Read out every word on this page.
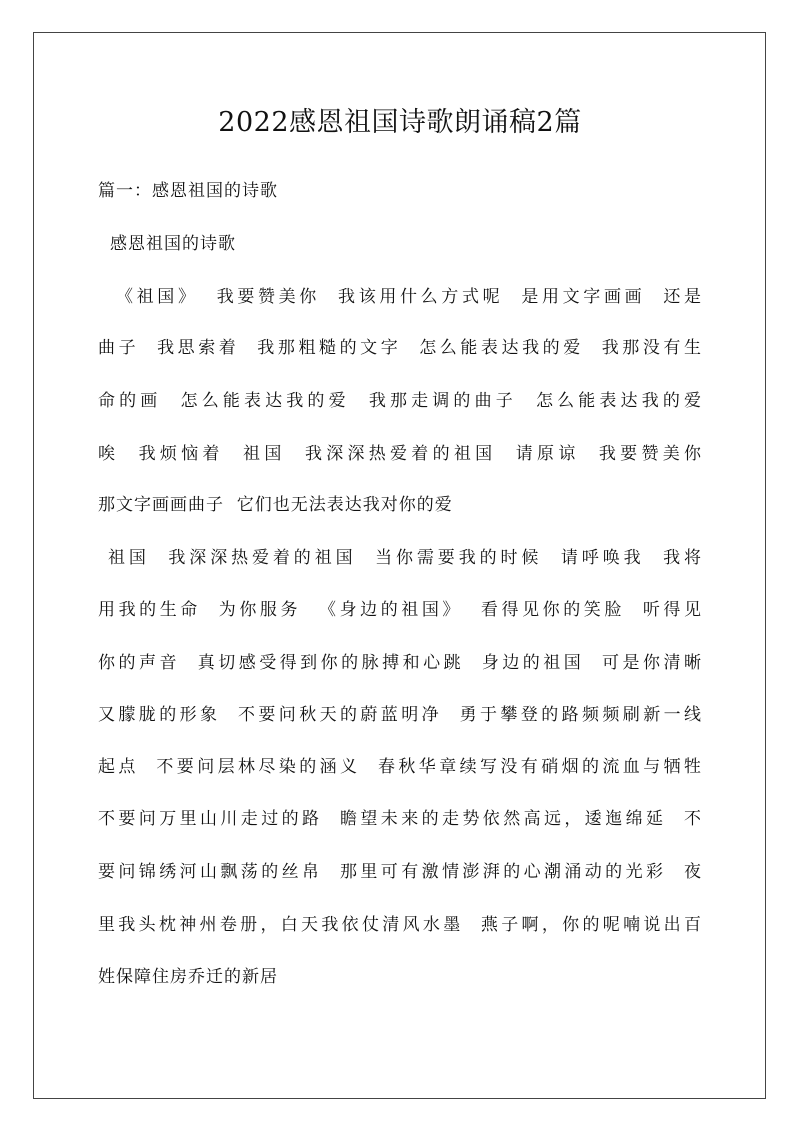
2022感恩祖国诗歌朗诵稿2篇
篇一：感恩祖国的诗歌
感恩祖国的诗歌
《祖国》  我要赞美你  我该用什么方式呢  是用文字画画  还是
曲子  我思索着  我那粗糙的文字  怎么能表达我的爱  我那没有生
命的画  怎么能表达我的爱  我那走调的曲子  怎么能表达我的爱
唉  我烦恼着  祖国  我深深热爱着的祖国  请原谅  我要赞美你
那文字画画曲子  它们也无法表达我对你的爱
祖国  我深深热爱着的祖国  当你需要我的时候  请呼唤我  我将
用我的生命  为你服务  《身边的祖国》  看得见你的笑脸  听得见
你的声音  真切感受得到你的脉搏和心跳  身边的祖国  可是你清晰
又朦胧的形象  不要问秋天的蔚蓝明净  勇于攀登的路频频刷新一线
起点  不要问层林尽染的涵义  春秋华章续写没有硝烟的流血与牺牲
不要问万里山川走过的路  瞻望未来的走势依然高远，逶迤绵延  不
要问锦绣河山飘荡的丝帛  那里可有激情澎湃的心潮涌动的光彩  夜
里我头枕神州卷册，白天我依仗清风水墨  燕子啊，你的呢喃说出百
姓保障住房乔迁的新居
